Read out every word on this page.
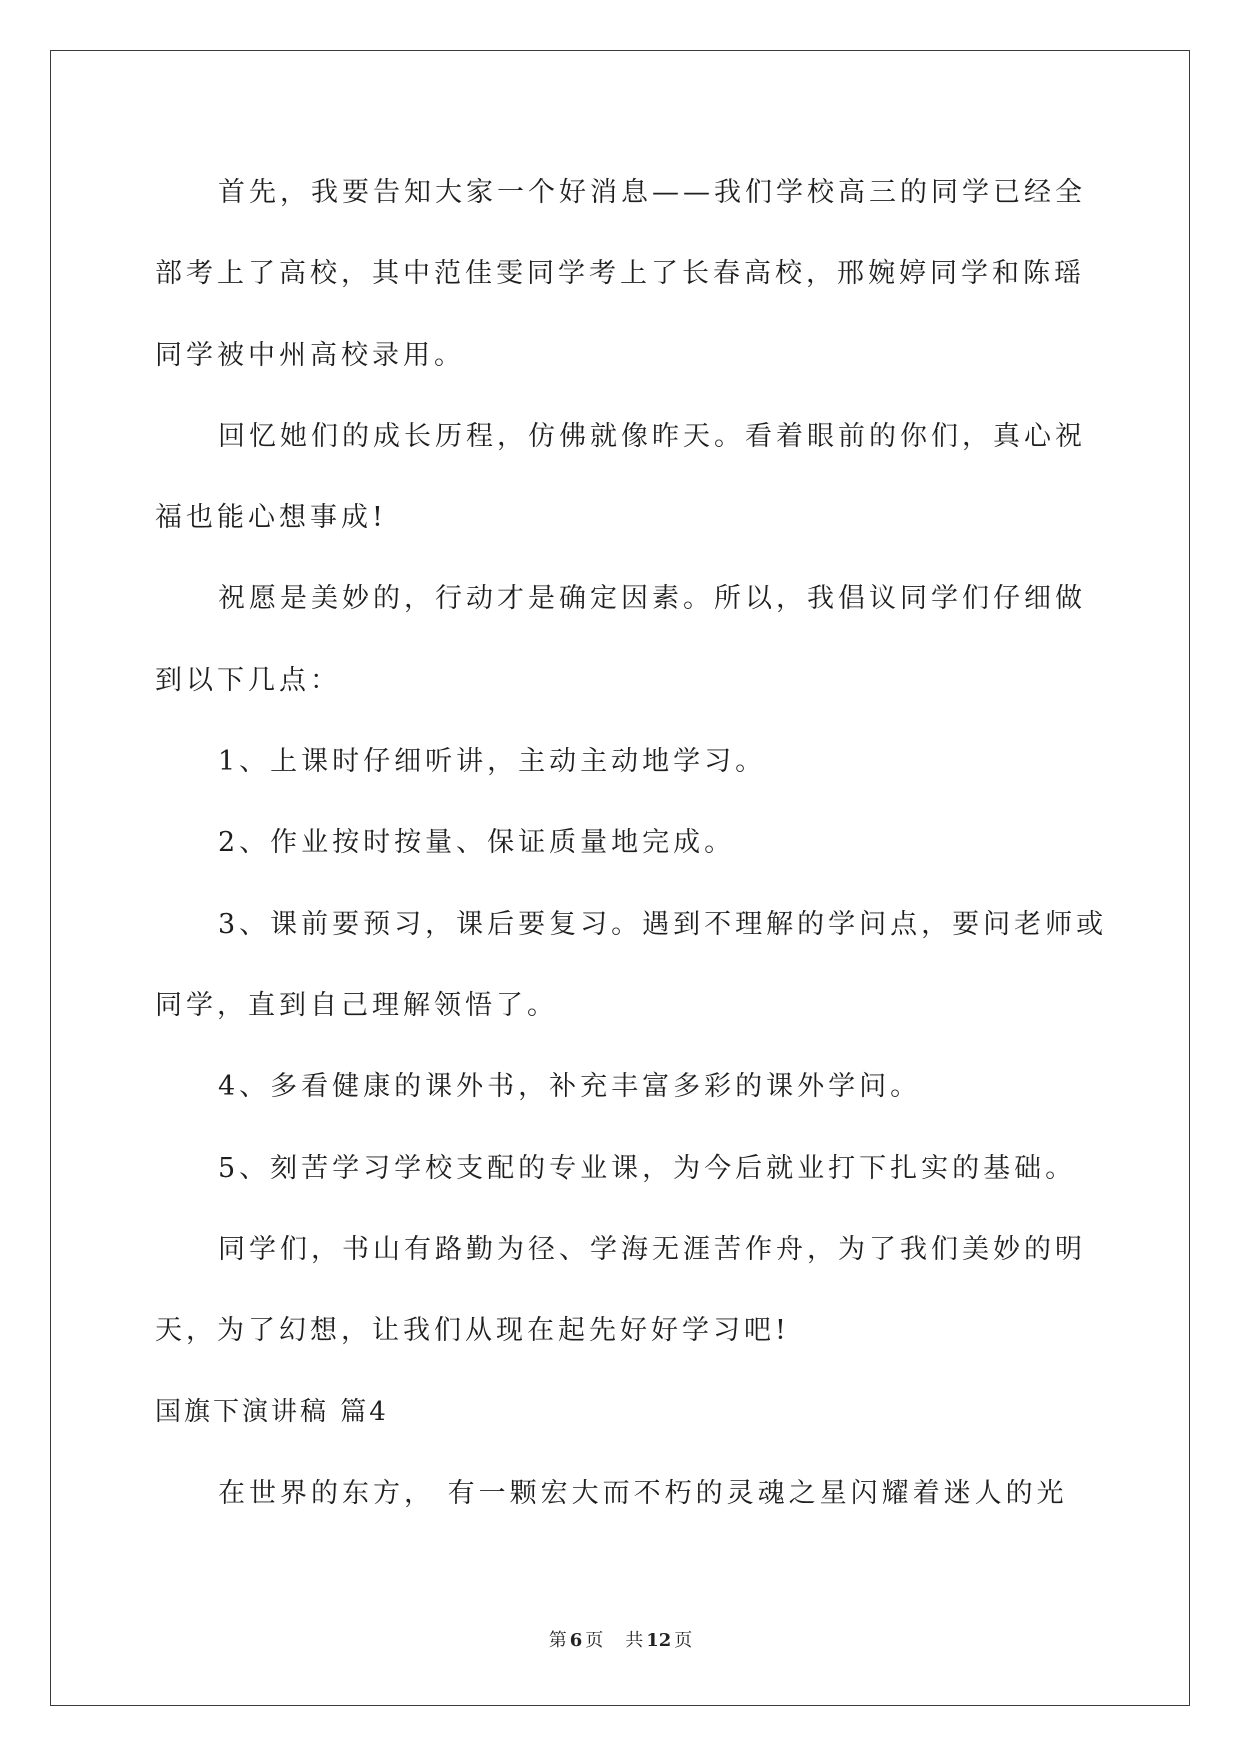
首先，我要告知大家一个好消息——我们学校高三的同学已经全

部考上了高校，其中范佳雯同学考上了长春高校，邢婉婷同学和陈瑶

同学被中州高校录用。

回忆她们的成长历程，仿佛就像昨天。看着眼前的你们，真心祝

福也能心想事成!

祝愿是美妙的，行动才是确定因素。所以，我倡议同学们仔细做

到以下几点：

1、上课时仔细听讲，主动主动地学习。

2、作业按时按量、保证质量地完成。

3、课前要预习，课后要复习。遇到不理解的学问点，要问老师或

同学，直到自己理解领悟了。

4、多看健康的课外书，补充丰富多彩的课外学问。

5、刻苦学习学校支配的专业课，为今后就业打下扎实的基础。

同学们，书山有路勤为径、学海无涯苦作舟，为了我们美妙的明

天，为了幻想，让我们从现在起先好好学习吧!

国旗下演讲稿 篇4

在世界的东方， 有一颗宏大而不朽的灵魂之星闪耀着迷人的光

第 6 页 共 12 页
